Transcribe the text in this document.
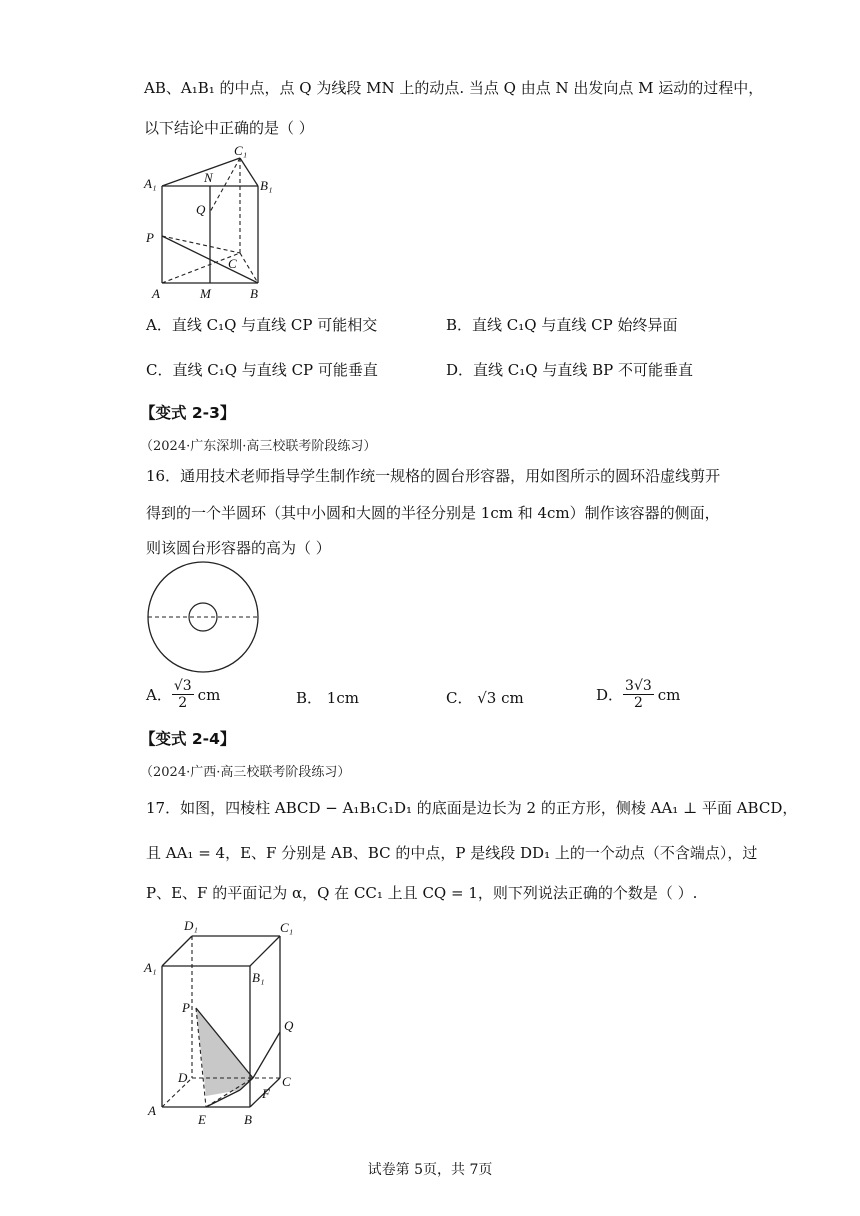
AB、A₁B₁ 的中点，点 Q 为线段 MN 上的动点. 当点 Q 由点 N 出发向点 M 运动的过程中，
以下结论中正确的是（ ）
C₁
A₁	N
B₁
Q
P
C
A	M	B
A．直线 C₁Q 与直线 CP 可能相交	B．直线 C₁Q 与直线 CP 始终异面
C．直线 C₁Q 与直线 CP 可能垂直	D．直线 C₁Q 与直线 BP 不可能垂直
【变式 2-3】
（2024·广东深圳·高三校联考阶段练习）
16．通用技术老师指导学生制作统一规格的圆台形容器，用如图所示的圆环沿虚线剪开
得到的一个半圆环（其中小圆和大圆的半径分别是 1cm 和 4cm）制作该容器的侧面，
则该圆台形容器的高为（ ）
A． $\frac{√3}{2}$ cm	B． 1cm	C． √3 cm	D． $\frac{3√3}{2}$ cm
【变式 2-4】
（2024·广西·高三校联考阶段练习）
17．如图，四棱柱 ABCD − A₁B₁C₁D₁ 的底面是边长为 2 的正方形，侧棱 AA₁ ⊥ 平面 ABCD，
且 AA₁ = 4，E、F 分别是 AB、BC 的中点，P 是线段 DD₁ 上的一个动点（不含端点），过
P、E、F 的平面记为 α，Q 在 CC₁ 上且 CQ = 1，则下列说法正确的个数是（ ）.
D₁	C₁
A₁
B₁
P
Q
D	C
F
A
E	B
试卷第 5页，共 7页
